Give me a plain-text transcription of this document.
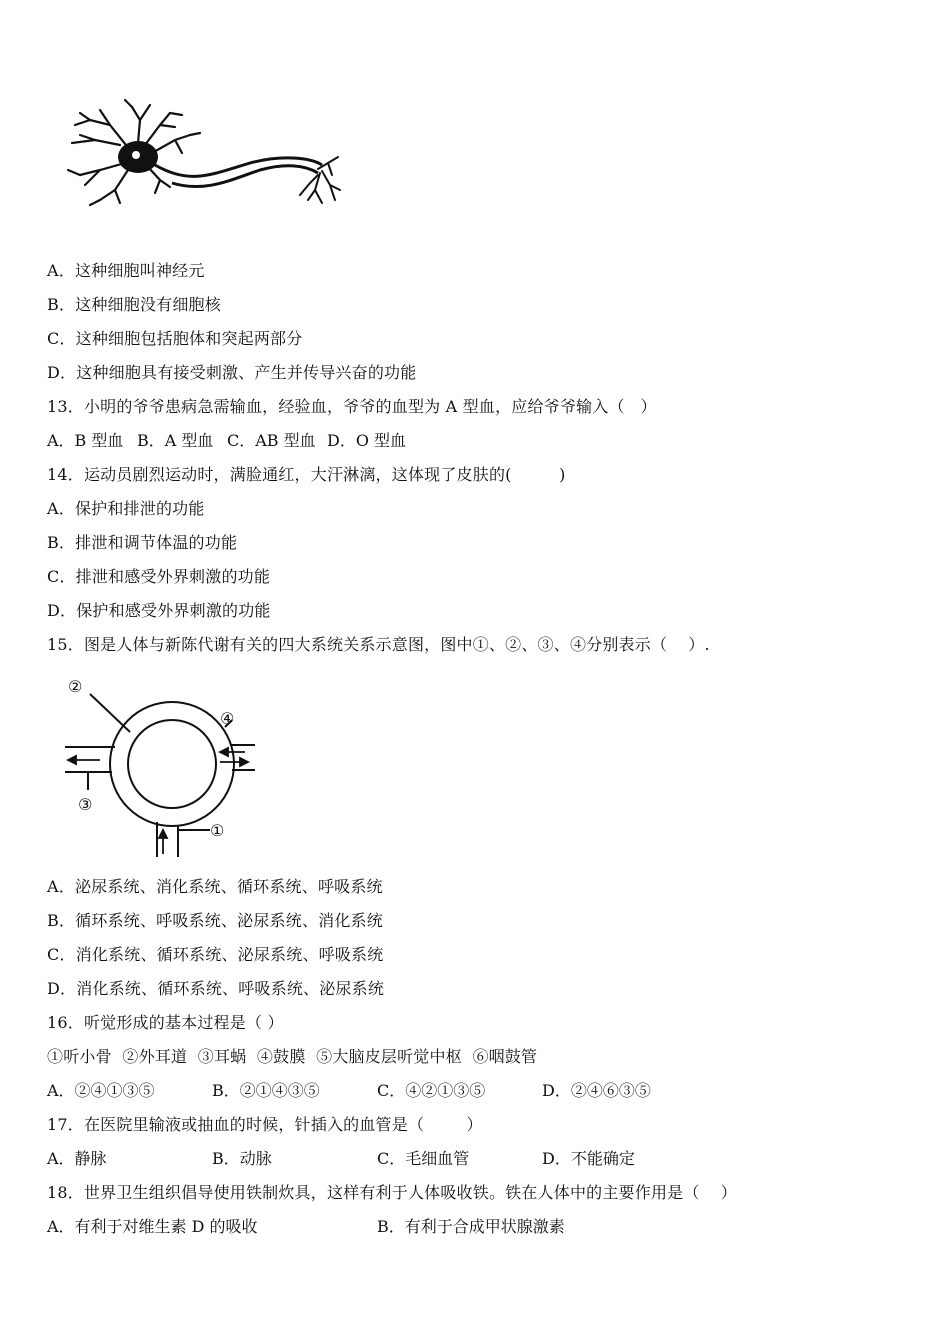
A．这种细胞叫神经元
B．这种细胞没有细胞核
C．这种细胞包括胞体和突起两部分
D．这种细胞具有接受刺激、产生并传导兴奋的功能
13．小明的爷爷患病急需输血，经验血，爷爷的血型为 A 型血，应给爷爷输入（   ）

A．B 型血

B．A 型血

C．AB 型血

D．O 型血

14．运动员剧烈运动时，满脸通红，大汗淋漓，这体现了皮肤的(         )
A．保护和排泄的功能
B．排泄和调节体温的功能
C．排泄和感受外界刺激的功能
D．保护和感受外界刺激的功能
15．图是人体与新陈代谢有关的四大系统关系示意图，图中①、②、③、④分别表示（    ）.
②
④
③
①
A．泌尿系统、消化系统、循环系统、呼吸系统
B．循环系统、呼吸系统、泌尿系统、消化系统
C．消化系统、循环系统、泌尿系统、呼吸系统
D．消化系统、循环系统、呼吸系统、泌尿系统
16．听觉形成的基本过程是（ ）
①听小骨  ②外耳道  ③耳蜗  ④鼓膜  ⑤大脑皮层听觉中枢  ⑥咽鼓管

A．②④①③⑤

	B．②①④③⑤

	C．④②①③⑤

	D．②④⑥③⑤

17．在医院里输液或抽血的时候，针插入的血管是（        ）

A．静脉

	B．动脉

	C．毛细血管

	D．不能确定

18．世界卫生组织倡导使用铁制炊具，这样有利于人体吸收铁。铁在人体中的主要作用是（    ）

A．有利于对维生素 D 的吸收

	B．有利于合成甲状腺激素
